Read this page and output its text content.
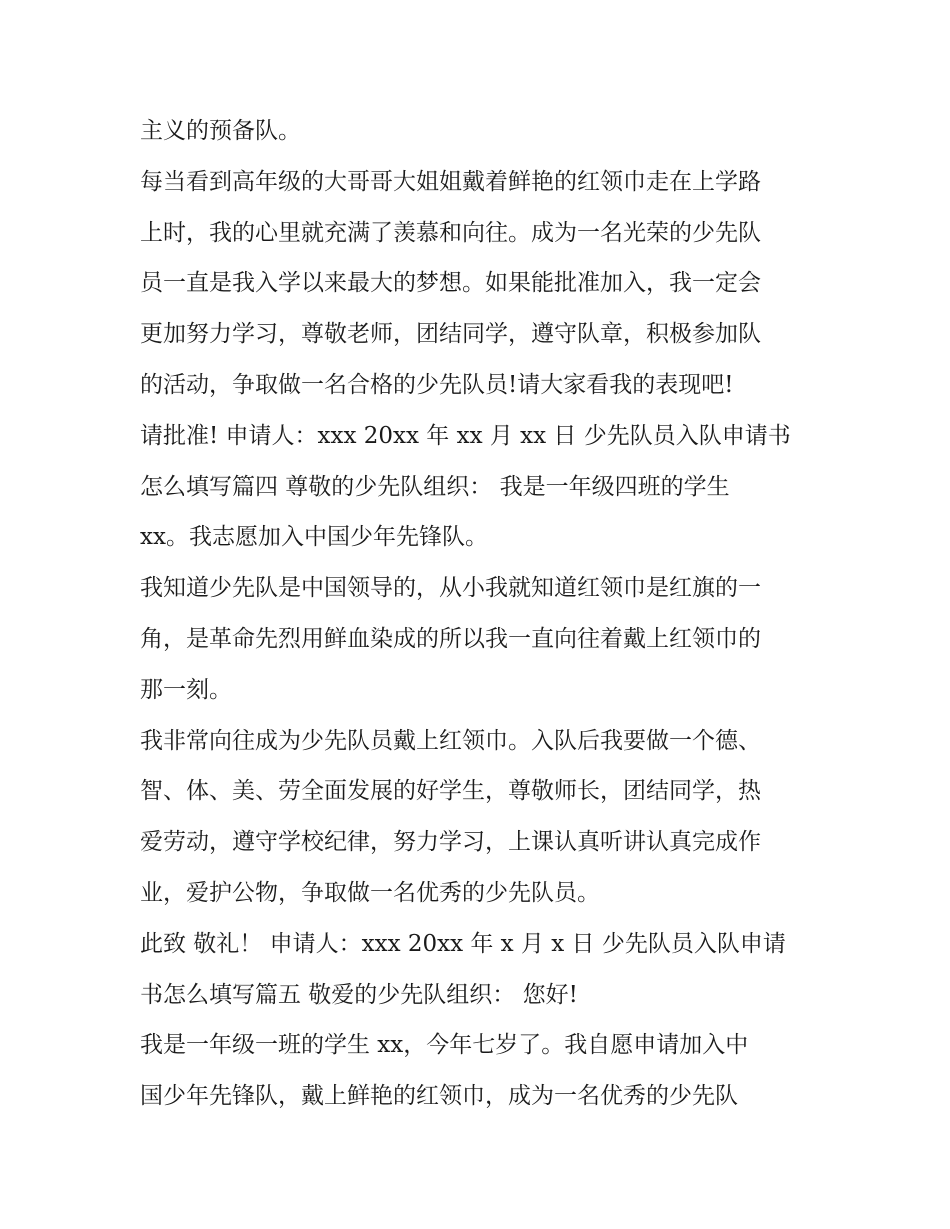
主义的预备队。

每当看到高年级的大哥哥大姐姐戴着鲜艳的红领巾走在上学路

上时，我的心里就充满了羡慕和向往。成为一名光荣的少先队

员一直是我入学以来最大的梦想。如果能批准加入，我一定会

更加努力学习，尊敬老师，团结同学，遵守队章，积极参加队

的活动，争取做一名合格的少先队员!请大家看我的表现吧!

请批准! 申请人：xxx 20xx 年 xx 月 xx 日 少先队员入队申请书

怎么填写篇四 尊敬的少先队组织： 我是一年级四班的学生

xx。我志愿加入中国少年先锋队。

我知道少先队是中国领导的，从小我就知道红领巾是红旗的一

角，是革命先烈用鲜血染成的所以我一直向往着戴上红领巾的

那一刻。

我非常向往成为少先队员戴上红领巾。入队后我要做一个德、

智、体、美、劳全面发展的好学生，尊敬师长，团结同学，热

爱劳动，遵守学校纪律，努力学习，上课认真听讲认真完成作

业，爱护公物，争取做一名优秀的少先队员。

此致 敬礼！ 申请人：xxx 20xx 年 x 月 x 日 少先队员入队申请

书怎么填写篇五 敬爱的少先队组织： 您好!

我是一年级一班的学生 xx，今年七岁了。我自愿申请加入中

国少年先锋队，戴上鲜艳的红领巾，成为一名优秀的少先队
